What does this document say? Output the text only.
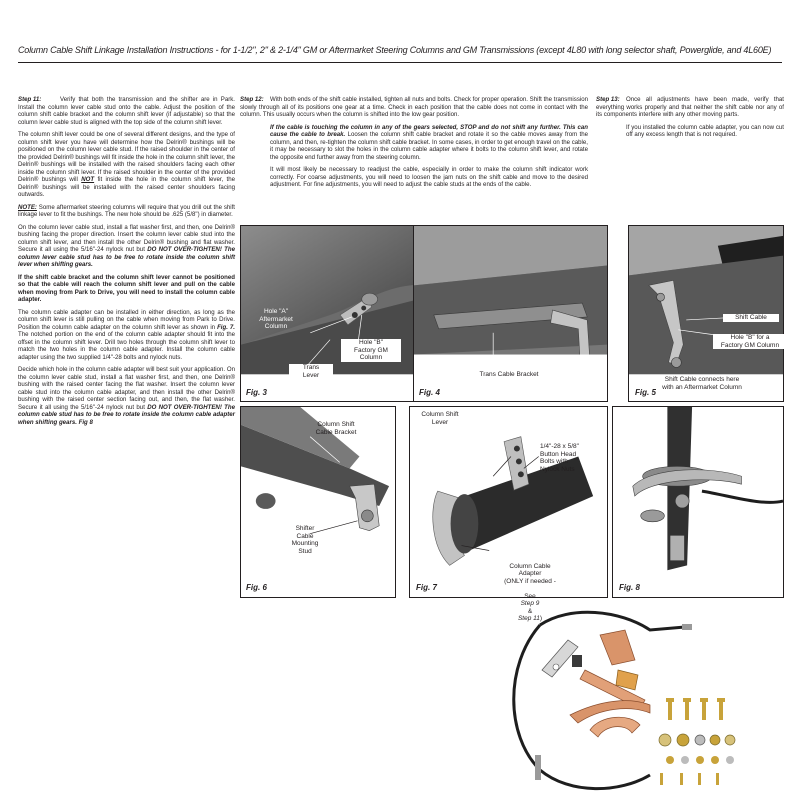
Column Cable Shift Linkage Installation Instructions - for 1-1/2", 2" & 2-1/4" GM or Aftermarket Steering Columns and GM Transmissions (except 4L80 with long selector shaft, Powerglide, and 4L60E)

Step 11:	Verify that both the transmission and the shifter are in Park. Install the column lever cable stud onto the cable. Adjust the position of the column shift cable bracket and the column shift lever (if adjustable) so that the column lever cable stud is aligned with the top side of the column shift lever.

The column shift lever could be one of several different designs, and the type of column shift lever you have will determine how the Delrin® bushings will be positioned on the column lever cable stud. If the raised shoulder in the center of the provided Delrin® bushings will fit inside the hole in the column shift lever, the Delrin® bushings will be installed with the raised shoulders facing each other inside the column shift lever. If the raised shoulder in the center of the provided Delrin® bushings will NOT fit inside the hole in the column shift lever, the Delrin® bushings will be installed with the raised center shoulders facing outwards.

NOTE: Some aftermarket steering columns will require that you drill out the shift linkage lever to fit the bushings. The new hole should be .625 (5/8") in diameter.

On the column lever cable stud, install a flat washer first, and then, one Delrin® bushing facing the proper direction. Insert the column lever cable stud into the column shift lever, and then install the other Delrin® bushing and flat washer. Secure it all using the 5/16"-24 nylock nut but DO NOT OVER-TIGHTEN! The column lever cable stud has to be free to rotate inside the column shift lever when shifting gears.

If the shift cable bracket and the column shift lever cannot be positioned so that the cable will reach the column shift lever and pull on the cable when moving from Park to Drive, you will need to install the column cable adapter.

The column cable adapter can be installed in either direction, as long as the column shift lever is still pulling on the cable when moving from Park to Drive. Position the column cable adapter on the column shift lever as shown in Fig. 7. The notched portion on the end of the column cable adapter should fit into the offset in the column shift lever. Drill two holes through the column shift lever to match the two holes in the column cable adapter. Install the column cable adapter using the two supplied 1/4"-28 bolts and nylock nuts.

Decide which hole in the column cable adapter will best suit your application. On the column lever cable stud, install a flat washer first, and then, one Delrin® bushing with the raised center facing the flat washer. Insert the column lever cable stud into the column cable adapter, and then install the other Delrin® bushing with the raised center section facing out, and then, the flat washer. Secure it all using the 5/16"-24 nylock nut but DO NOT OVER-TIGHTEN! The column cable stud has to be free to rotate inside the column cable adapter when shifting gears. Fig 8

Step 12:	With both ends of the shift cable installed, tighten all nuts and bolts. Check for proper operation. Shift the transmission slowly through all of its positions one gear at a time. Check in each position that the cable does not come in contact with the column. This usually occurs when the column is shifted into the low gear position.

If the cable is touching the column in any of the gears selected, STOP and do not shift any further. This can cause the cable to break. Loosen the column shift cable bracket and rotate it so the cable moves away from the column, and then, re-tighten the column shift cable bracket. In some cases, in order to get enough travel on the cable, it may be necessary to slot the holes in the column cable adapter where it bolts to the column shift lever, and rotate the opposite end further away from the steering column.

It will most likely be necessary to readjust the cable, especially in order to make the column shift indicator work correctly. For coarse adjustments, you will need to loosen the jam nuts on the shift cable and move to the desired adjustment. For fine adjustments, you will need to adjust the cable studs at the ends of the cable.

Step 13:	Once all adjustments have been made, verify that everything works properly and that neither the shift cable nor any of its components interfere with any other moving parts.

If you installed the column cable adapter, you can now cut off any excess length that is not required.

Hole "A"
Aftermarket
Column
Hole "B"
Factory GM
Column
Trans
Lever
Fig. 3
Trans Cable Bracket
Fig. 4
Shift Cable
Hole "B" for a
Factory GM Column
Shift Cable connects here
with an Aftermarket Column
Fig. 5
Column Shift
Cable Bracket
Shifter
Cable
Mounting
Stud
Fig. 6
Column Shift
Lever
1/4"-28 x 5/8"
Button Head
Bolts with
Nylock Nuts

Column Cable
Adapter
(ONLY if needed -

See
Step 9
&
Step 11)

Fig. 7	Fig. 8
